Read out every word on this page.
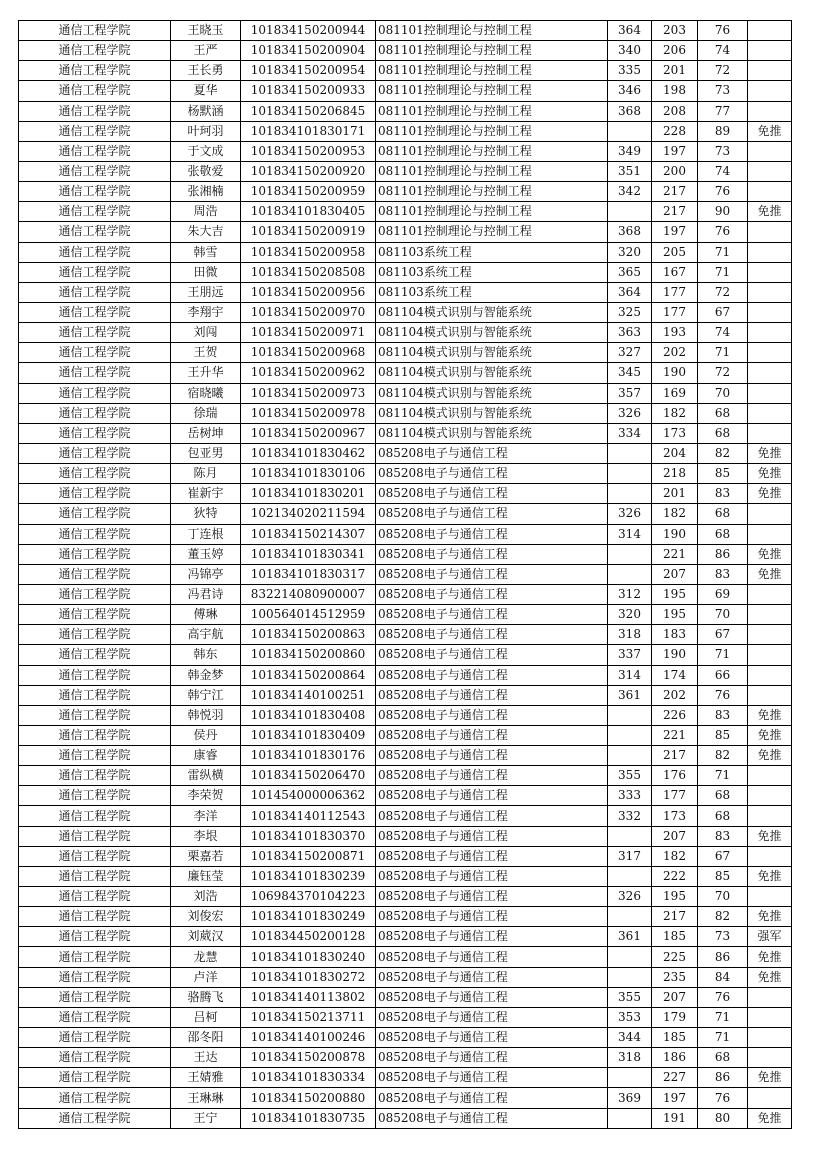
通信工程学院	王晓玉	101834150200944	081101控制理论与控制工程	364	203	76	
通信工程学院	王严	101834150200904	081101控制理论与控制工程	340	206	74	
通信工程学院	王长勇	101834150200954	081101控制理论与控制工程	335	201	72	
通信工程学院	夏华	101834150200933	081101控制理论与控制工程	346	198	73	
通信工程学院	杨默涵	101834150206845	081101控制理论与控制工程	368	208	77	
通信工程学院	叶珂羽	101834101830171	081101控制理论与控制工程		228	89	免推
通信工程学院	于文成	101834150200953	081101控制理论与控制工程	349	197	73	
通信工程学院	张敬爱	101834150200920	081101控制理论与控制工程	351	200	74	
通信工程学院	张湘楠	101834150200959	081101控制理论与控制工程	342	217	76	
通信工程学院	周浩	101834101830405	081101控制理论与控制工程		217	90	免推
通信工程学院	朱大吉	101834150200919	081101控制理论与控制工程	368	197	76	
通信工程学院	韩雪	101834150200958	081103系统工程	320	205	71	
通信工程学院	田微	101834150208508	081103系统工程	365	167	71	
通信工程学院	王朋远	101834150200956	081103系统工程	364	177	72	
通信工程学院	李翔宇	101834150200970	081104模式识别与智能系统	325	177	67	
通信工程学院	刘闯	101834150200971	081104模式识别与智能系统	363	193	74	
通信工程学院	王贺	101834150200968	081104模式识别与智能系统	327	202	71	
通信工程学院	王升华	101834150200962	081104模式识别与智能系统	345	190	72	
通信工程学院	宿晓曦	101834150200973	081104模式识别与智能系统	357	169	70	
通信工程学院	徐瑞	101834150200978	081104模式识别与智能系统	326	182	68	
通信工程学院	岳树坤	101834150200967	081104模式识别与智能系统	334	173	68	
通信工程学院	包亚男	101834101830462	085208电子与通信工程		204	82	免推
通信工程学院	陈月	101834101830106	085208电子与通信工程		218	85	免推
通信工程学院	崔新宇	101834101830201	085208电子与通信工程		201	83	免推
通信工程学院	狄特	102134020211594	085208电子与通信工程	326	182	68	
通信工程学院	丁连根	101834150214307	085208电子与通信工程	314	190	68	
通信工程学院	董玉婷	101834101830341	085208电子与通信工程		221	86	免推
通信工程学院	冯锦亭	101834101830317	085208电子与通信工程		207	83	免推
通信工程学院	冯君诗	832214080900007	085208电子与通信工程	312	195	69	
通信工程学院	傅琳	100564014512959	085208电子与通信工程	320	195	70	
通信工程学院	高宇航	101834150200863	085208电子与通信工程	318	183	67	
通信工程学院	韩东	101834150200860	085208电子与通信工程	337	190	71	
通信工程学院	韩金梦	101834150200864	085208电子与通信工程	314	174	66	
通信工程学院	韩宁江	101834140100251	085208电子与通信工程	361	202	76	
通信工程学院	韩悦羽	101834101830408	085208电子与通信工程		226	83	免推
通信工程学院	侯丹	101834101830409	085208电子与通信工程		221	85	免推
通信工程学院	康睿	101834101830176	085208电子与通信工程		217	82	免推
通信工程学院	雷纵横	101834150206470	085208电子与通信工程	355	176	71	
通信工程学院	李荣贺	101454000006362	085208电子与通信工程	333	177	68	
通信工程学院	李洋	101834140112543	085208电子与通信工程	332	173	68	
通信工程学院	李垠	101834101830370	085208电子与通信工程		207	83	免推
通信工程学院	栗嘉若	101834150200871	085208电子与通信工程	317	182	67	
通信工程学院	廉钰莹	101834101830239	085208电子与通信工程		222	85	免推
通信工程学院	刘浩	106984370104223	085208电子与通信工程	326	195	70	
通信工程学院	刘俊宏	101834101830249	085208电子与通信工程		217	82	免推
通信工程学院	刘葳汉	101834450200128	085208电子与通信工程	361	185	73	强军
通信工程学院	龙慧	101834101830240	085208电子与通信工程		225	86	免推
通信工程学院	卢洋	101834101830272	085208电子与通信工程		235	84	免推
通信工程学院	骆腾飞	101834140113802	085208电子与通信工程	355	207	76	
通信工程学院	吕柯	101834150213711	085208电子与通信工程	353	179	71	
通信工程学院	邵冬阳	101834140100246	085208电子与通信工程	344	185	71	
通信工程学院	王达	101834150200878	085208电子与通信工程	318	186	68	
通信工程学院	王婧雅	101834101830334	085208电子与通信工程		227	86	免推
通信工程学院	王琳琳	101834150200880	085208电子与通信工程	369	197	76	
通信工程学院	王宁	101834101830735	085208电子与通信工程		191	80	免推
